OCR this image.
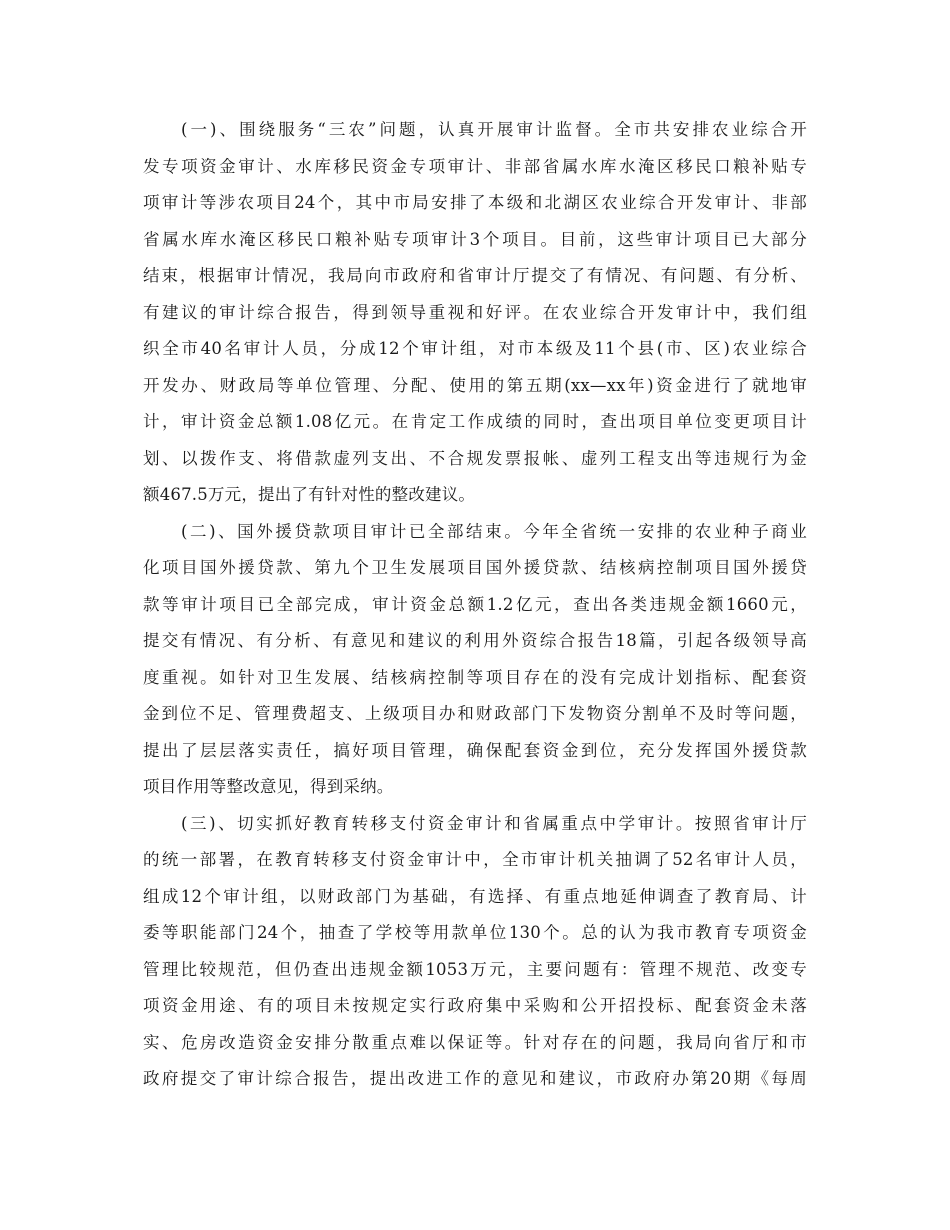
(一)、围绕服务“三农”问题，认真开展审计监督。全市共安排农业综合开
发专项资金审计、水库移民资金专项审计、非部省属水库水淹区移民口粮补贴专
项审计等涉农项目24个，其中市局安排了本级和北湖区农业综合开发审计、非部
省属水库水淹区移民口粮补贴专项审计3个项目。目前，这些审计项目已大部分
结束，根据审计情况，我局向市政府和省审计厅提交了有情况、有问题、有分析、
有建议的审计综合报告，得到领导重视和好评。在农业综合开发审计中，我们组
织全市40名审计人员，分成12个审计组，对市本级及11个县(市、区)农业综合
开发办、财政局等单位管理、分配、使用的第五期(xx—xx年)资金进行了就地审
计，审计资金总额1.08亿元。在肯定工作成绩的同时，查出项目单位变更项目计
划、以拨作支、将借款虚列支出、不合规发票报帐、虚列工程支出等违规行为金
额467.5万元，提出了有针对性的整改建议。
(二)、国外援贷款项目审计已全部结束。今年全省统一安排的农业种子商业
化项目国外援贷款、第九个卫生发展项目国外援贷款、结核病控制项目国外援贷
款等审计项目已全部完成，审计资金总额1.2亿元，查出各类违规金额1660元，
提交有情况、有分析、有意见和建议的利用外资综合报告18篇，引起各级领导高
度重视。如针对卫生发展、结核病控制等项目存在的没有完成计划指标、配套资
金到位不足、管理费超支、上级项目办和财政部门下发物资分割单不及时等问题，
提出了层层落实责任，搞好项目管理，确保配套资金到位，充分发挥国外援贷款
项目作用等整改意见，得到采纳。
(三)、切实抓好教育转移支付资金审计和省属重点中学审计。按照省审计厅
的统一部署，在教育转移支付资金审计中，全市审计机关抽调了52名审计人员，
组成12个审计组，以财政部门为基础，有选择、有重点地延伸调查了教育局、计
委等职能部门24个，抽查了学校等用款单位130个。总的认为我市教育专项资金
管理比较规范，但仍查出违规金额1053万元，主要问题有：管理不规范、改变专
项资金用途、有的项目未按规定实行政府集中采购和公开招投标、配套资金未落
实、危房改造资金安排分散重点难以保证等。针对存在的问题，我局向省厅和市
政府提交了审计综合报告，提出改进工作的意见和建议，市政府办第20期《每周
